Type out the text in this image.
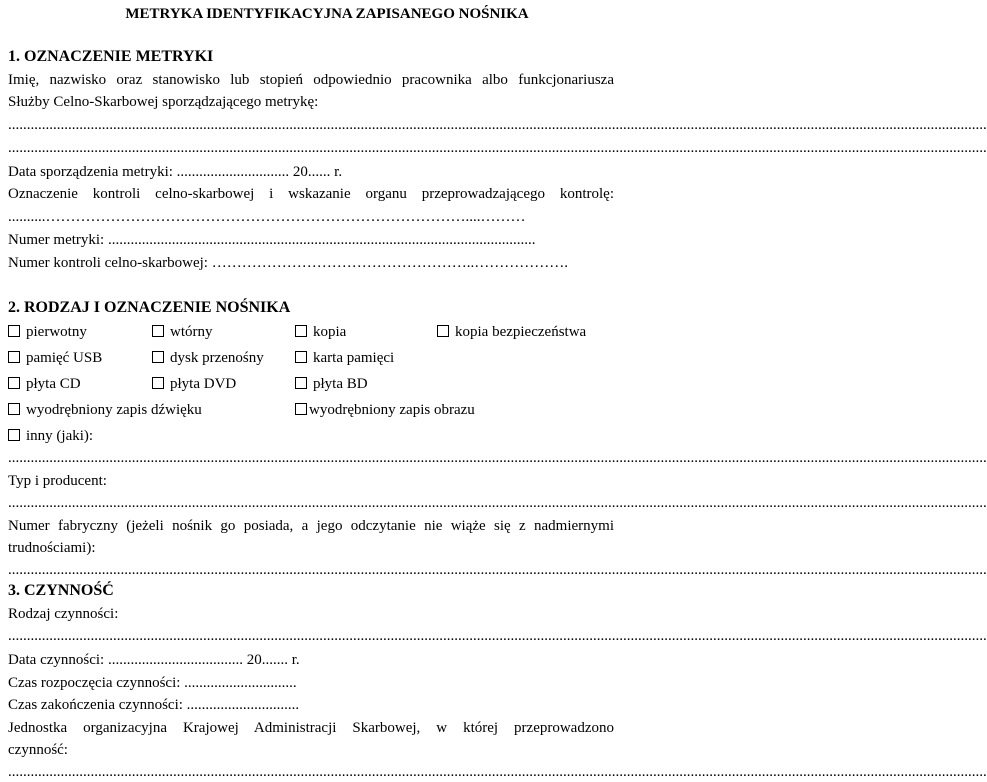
METRYKA IDENTYFIKACYJNA ZAPISANEGO NOŚNIKA
1. OZNACZENIE METRYKI
Imię, nazwisko oraz stanowisko lub stopień odpowiednio pracownika albo funkcjonariusza
Służby Celno-Skarbowej sporządzającego metrykę:
.....................................................................................................................................................................................................................................................................
.....................................................................................................................................................................................................................................................................
Data sporządzenia metryki: .............................. 20...... r.
Oznaczenie kontroli celno-skarbowej i wskazanie organu przeprowadzającego kontrolę:
..........…………………………………………………………………………....………
Numer metryki: ..................................................................................................................
Numer kontroli celno-skarbowej: ……………………………………………..……………….
2. RODZAJ I OZNACZENIE NOŚNIKA
pierwotny	wtórny	kopia	kopia bezpieczeństwa
pamięć USB	dysk przenośny	karta pamięci
płyta CD	płyta DVD	płyta BD
wyodrębniony zapis dźwięku	wyodrębniony zapis obrazu
inny (jaki):
.....................................................................................................................................................................................................................................................................
Typ i producent:
.....................................................................................................................................................................................................................................................................
Numer fabryczny (jeżeli nośnik go posiada, a jego odczytanie nie wiąże się z nadmiernymi
trudnościami):
.....................................................................................................................................................................................................................................................................
3. CZYNNOŚĆ
Rodzaj czynności:
.....................................................................................................................................................................................................................................................................
Data czynności: .................................... 20....... r.
Czas rozpoczęcia czynności: ..............................
Czas zakończenia czynności: ..............................
Jednostka organizacyjna Krajowej Administracji Skarbowej, w której przeprowadzono
czynność:
.....................................................................................................................................................................................................................................................................
